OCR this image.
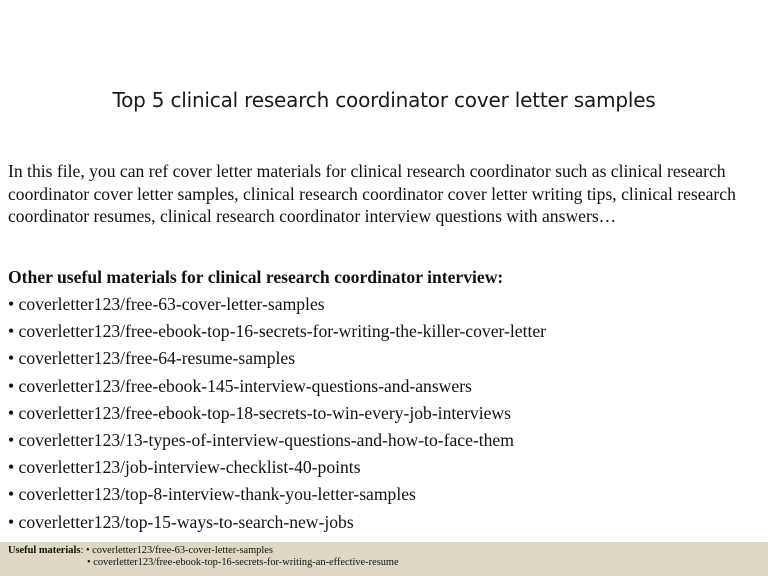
Top 5 clinical research coordinator cover letter samples
In this file, you can ref cover letter materials for clinical research coordinator such as clinical research coordinator cover letter samples, clinical research coordinator cover letter writing tips, clinical research coordinator resumes, clinical research coordinator interview questions with answers…
Other useful materials for clinical research coordinator interview:
• coverletter123/free-63-cover-letter-samples
• coverletter123/free-ebook-top-16-secrets-for-writing-the-killer-cover-letter
• coverletter123/free-64-resume-samples
• coverletter123/free-ebook-145-interview-questions-and-answers
• coverletter123/free-ebook-top-18-secrets-to-win-every-job-interviews
• coverletter123/13-types-of-interview-questions-and-how-to-face-them
• coverletter123/job-interview-checklist-40-points
• coverletter123/top-8-interview-thank-you-letter-samples
• coverletter123/top-15-ways-to-search-new-jobs
Useful materials: • coverletter123/free-63-cover-letter-samples
• coverletter123/free-ebook-top-16-secrets-for-writing-an-effective-resume
